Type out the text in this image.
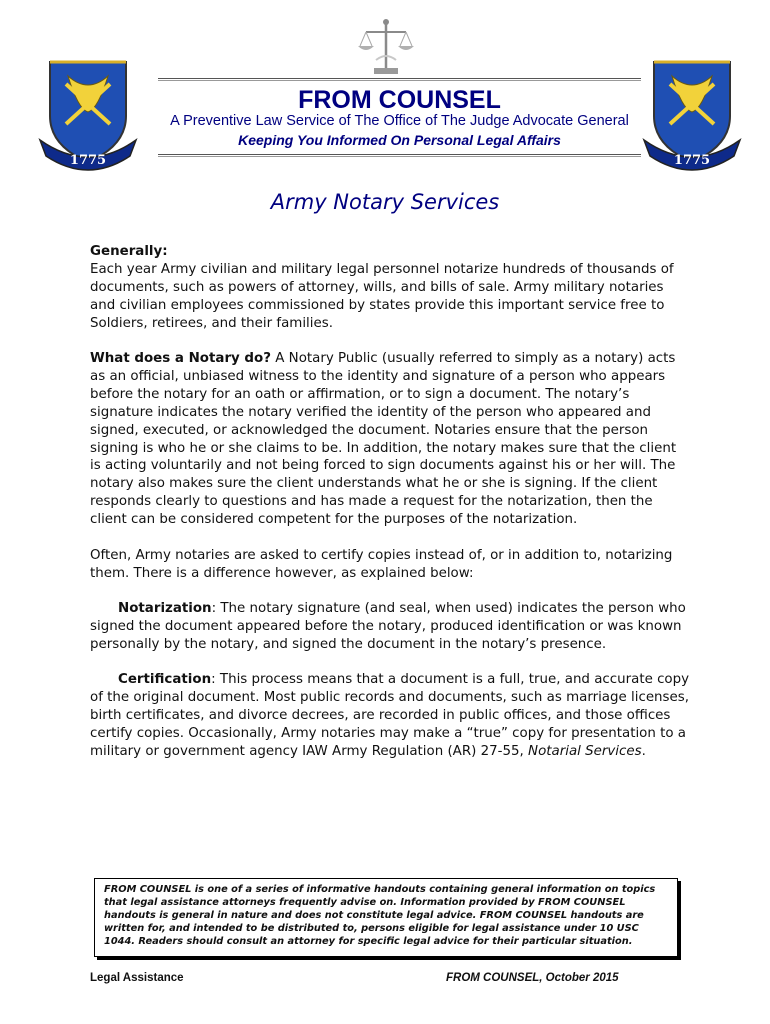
1775	1775
FROM COUNSEL
A Preventive Law Service of The Office of The Judge Advocate General
Keeping You Informed On Personal Legal Affairs
Army Notary Services

Generally:
Each year Army civilian and military legal personnel notarize hundreds of thousands of documents, such as powers of attorney, wills, and bills of sale. Army military notaries and civilian employees commissioned by states provide this important service free to Soldiers, retirees, and their families.

What does a Notary do? A Notary Public (usually referred to simply as a notary) acts as an official, unbiased witness to the identity and signature of a person who appears before the notary for an oath or affirmation, or to sign a document. The notary’s signature indicates the notary verified the identity of the person who appeared and signed, executed, or acknowledged the document. Notaries ensure that the person signing is who he or she claims to be. In addition, the notary makes sure that the client is acting voluntarily and not being forced to sign documents against his or her will. The notary also makes sure the client understands what he or she is signing. If the client responds clearly to questions and has made a request for the notarization, then the client can be considered competent for the purposes of the notarization.

Often, Army notaries are asked to certify copies instead of, or in addition to, notarizing them. There is a difference however, as explained below:

Notarization: The notary signature (and seal, when used) indicates the person who signed the document appeared before the notary, produced identification or was known personally by the notary, and signed the document in the notary’s presence.

Certification: This process means that a document is a full, true, and accurate copy of the original document. Most public records and documents, such as marriage licenses, birth certificates, and divorce decrees, are recorded in public offices, and those offices certify copies. Occasionally, Army notaries may make a “true” copy for presentation to a military or government agency IAW Army Regulation (AR) 27-55, Notarial Services.

FROM COUNSEL is one of a series of informative handouts containing general information on topics that legal assistance attorneys frequently advise on. Information provided by FROM COUNSEL handouts is general in nature and does not constitute legal advice. FROM COUNSEL handouts are written for, and intended to be distributed to, persons eligible for legal assistance under 10 USC 1044. Readers should consult an attorney for specific legal advice for their particular situation.
Legal Assistance	FROM COUNSEL, October 2015
